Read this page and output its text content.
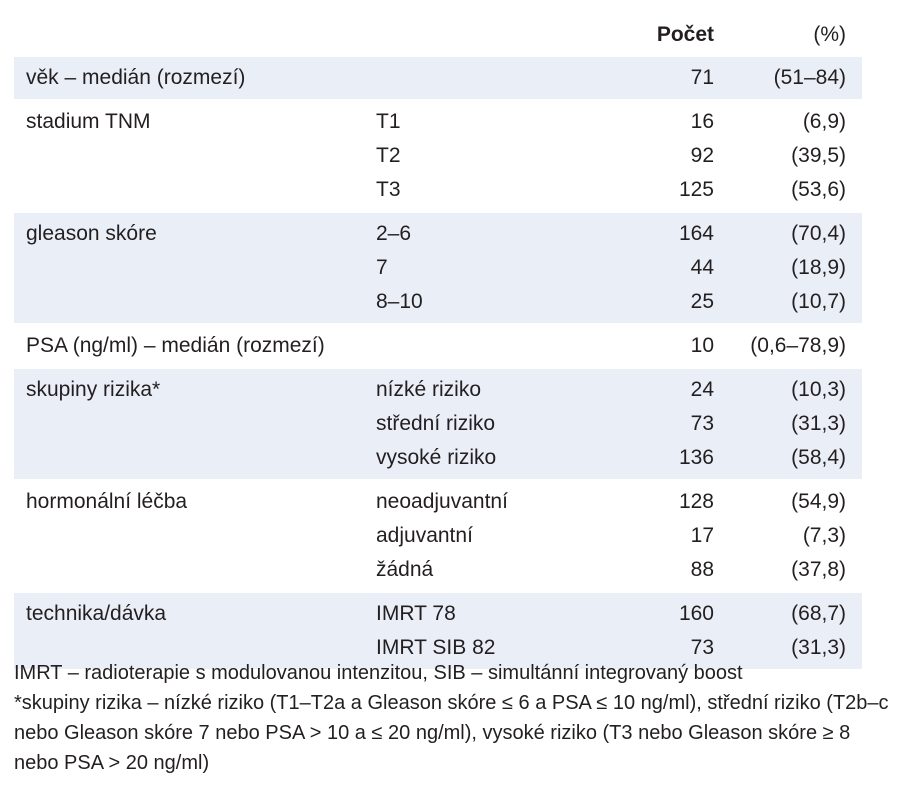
		Počet	(%)
věk – medián (rozmezí)		71	(51–84)
stadium TNM	T1	16	(6,9)
	T2	92	(39,5)
	T3	125	(53,6)
gleason skóre	2–6	164	(70,4)
	7	44	(18,9)
	8–10	25	(10,7)
PSA (ng/ml) – medián (rozmezí)		10	(0,6–78,9)
skupiny rizika*	nízké riziko	24	(10,3)
	střední riziko	73	(31,3)
	vysoké riziko	136	(58,4)
hormonální léčba	neoadjuvantní	128	(54,9)
	adjuvantní	17	(7,3)
	žádná	88	(37,8)
technika/dávka	IMRT 78	160	(68,7)
	IMRT SIB 82	73	(31,3)
IMRT – radioterapie s modulovanou intenzitou, SIB – simultánní integrovaný boost
*skupiny rizika – nízké riziko (T1–T2a a Gleason skóre ≤ 6 a PSA ≤ 10 ng/ml), střední riziko (T2b–c nebo Gleason skóre 7 nebo PSA > 10 a ≤ 20 ng/ml), vysoké riziko (T3 nebo Gleason skóre ≥ 8 nebo PSA > 20 ng/ml)
